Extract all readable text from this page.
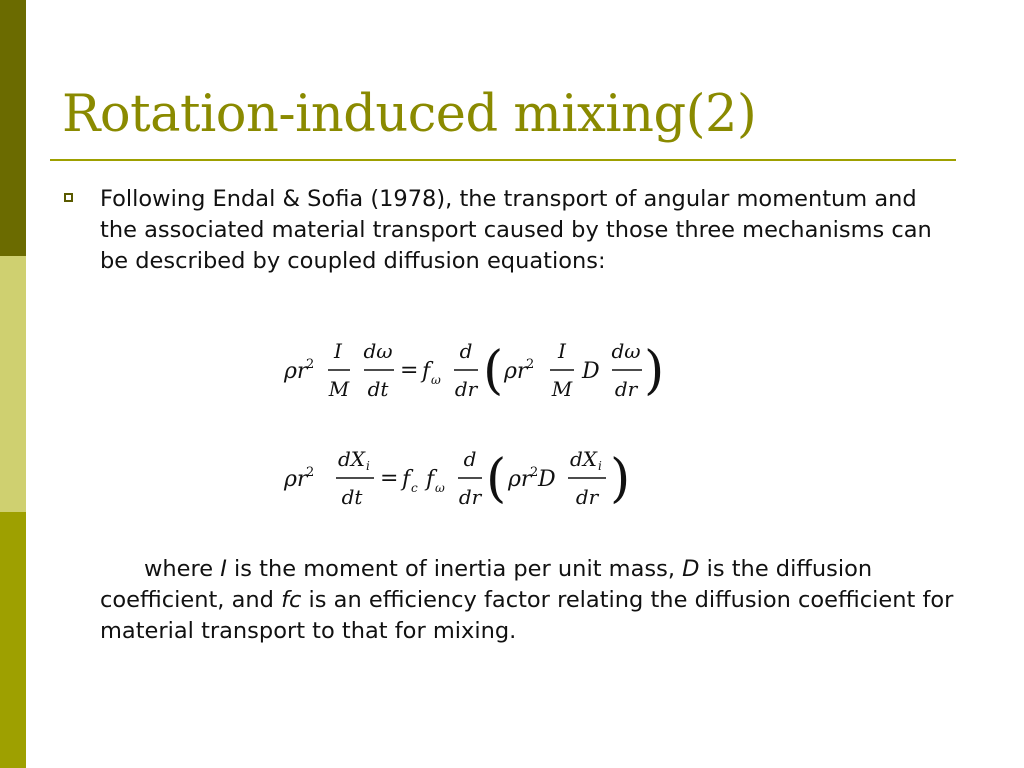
Rotation-induced mixing(2)
Following Endal & Sofia (1978), the transport of angular momentum and the associated material transport caused by those three mechanisms can be described by coupled diffusion equations:
ρr
2
I
M
dω
dt
= f ω
d
dr ( ρr
2
I
M
D
dω
dr )
ρr
2
dX i
dt
= f c f ω
d
dr ( ρr
2 D
dX i
dr )
where I is the moment of inertia per unit mass, D is the diffusion coefficient, and fc is an efficiency factor relating the diffusion coefficient for material transport to that for mixing.
